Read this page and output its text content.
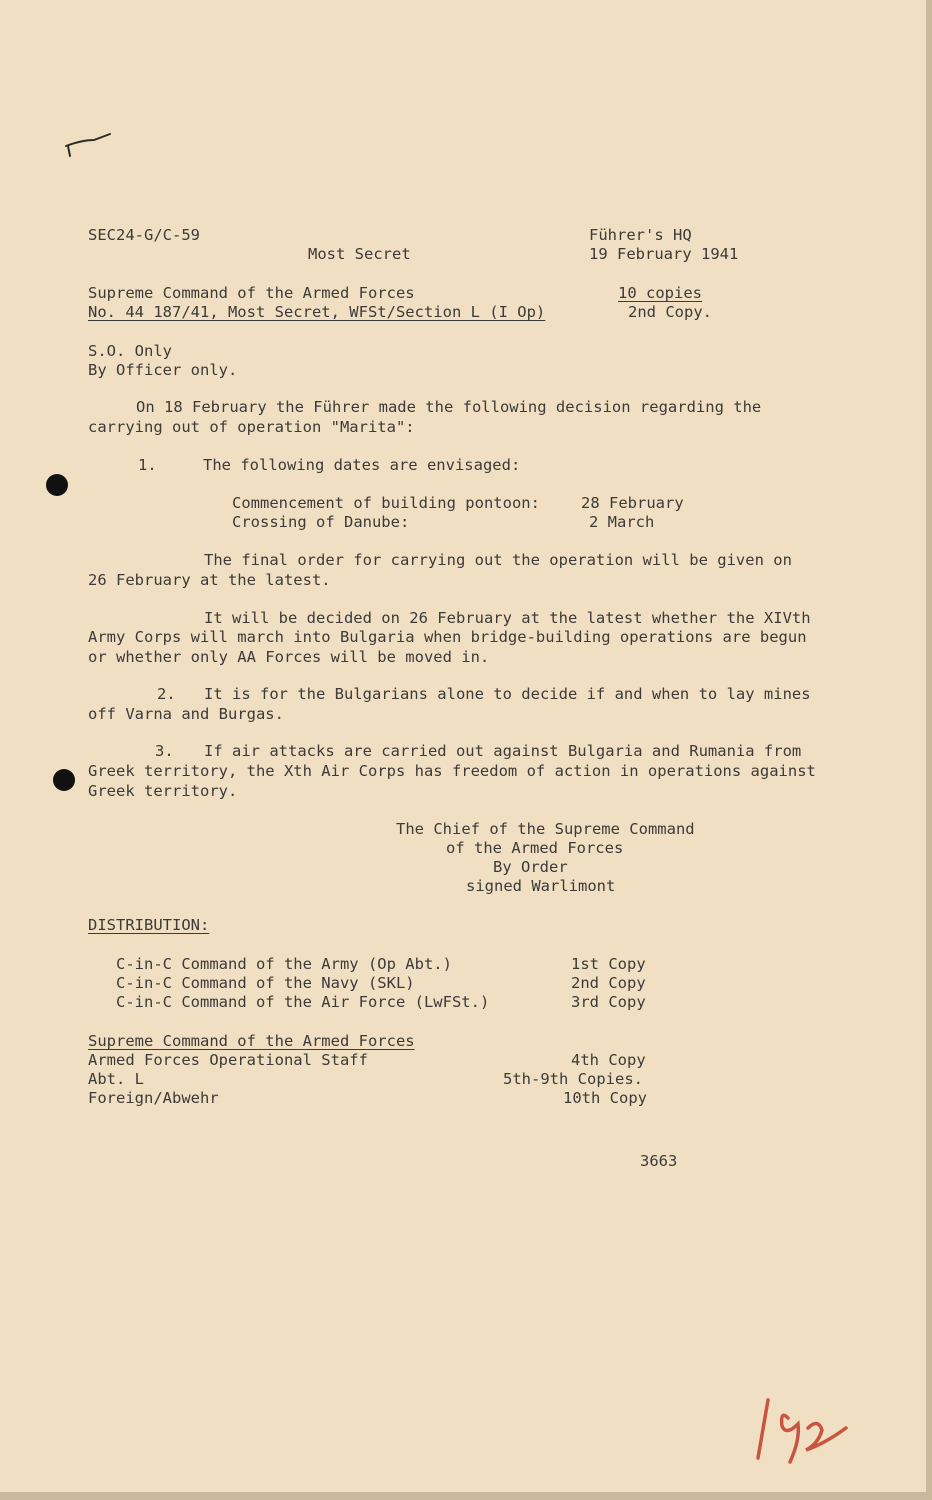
SEC24-G/C-59
Most Secret
Führer's HQ
19 February 1941
Supreme Command of the Armed Forces
No. 44 187/41, Most Secret, WFSt/Section L (I Op)
10 copies
2nd Copy.
S.O. Only
By Officer only.
On 18 February the Führer made the following decision regarding the
carrying out of operation "Marita":
1.	The following dates are envisaged:
Commencement of building pontoon:	28 February
Crossing of Danube:	2 March
The final order for carrying out the operation will be given on
26 February at the latest.
It will be decided on 26 February at the latest whether the XIVth
Army Corps will march into Bulgaria when bridge-building operations are begun
or whether only AA Forces will be moved in.
2. It is for the Bulgarians alone to decide if and when to lay mines
off Varna and Burgas.
3. If air attacks are carried out against Bulgaria and Rumania from
Greek territory, the Xth Air Corps has freedom of action in operations against
Greek territory.
The Chief of the Supreme Command
of the Armed Forces
By Order
signed Warlimont
DISTRIBUTION:
C-in-C Command of the Army (Op Abt.)	1st Copy
C-in-C Command of the Navy (SKL)	2nd Copy
C-in-C Command of the Air Force (LwFSt.)	3rd Copy
Supreme Command of the Armed Forces
Armed Forces Operational Staff	4th Copy
Abt. L	5th-9th Copies.
Foreign/Abwehr	10th Copy
3663
